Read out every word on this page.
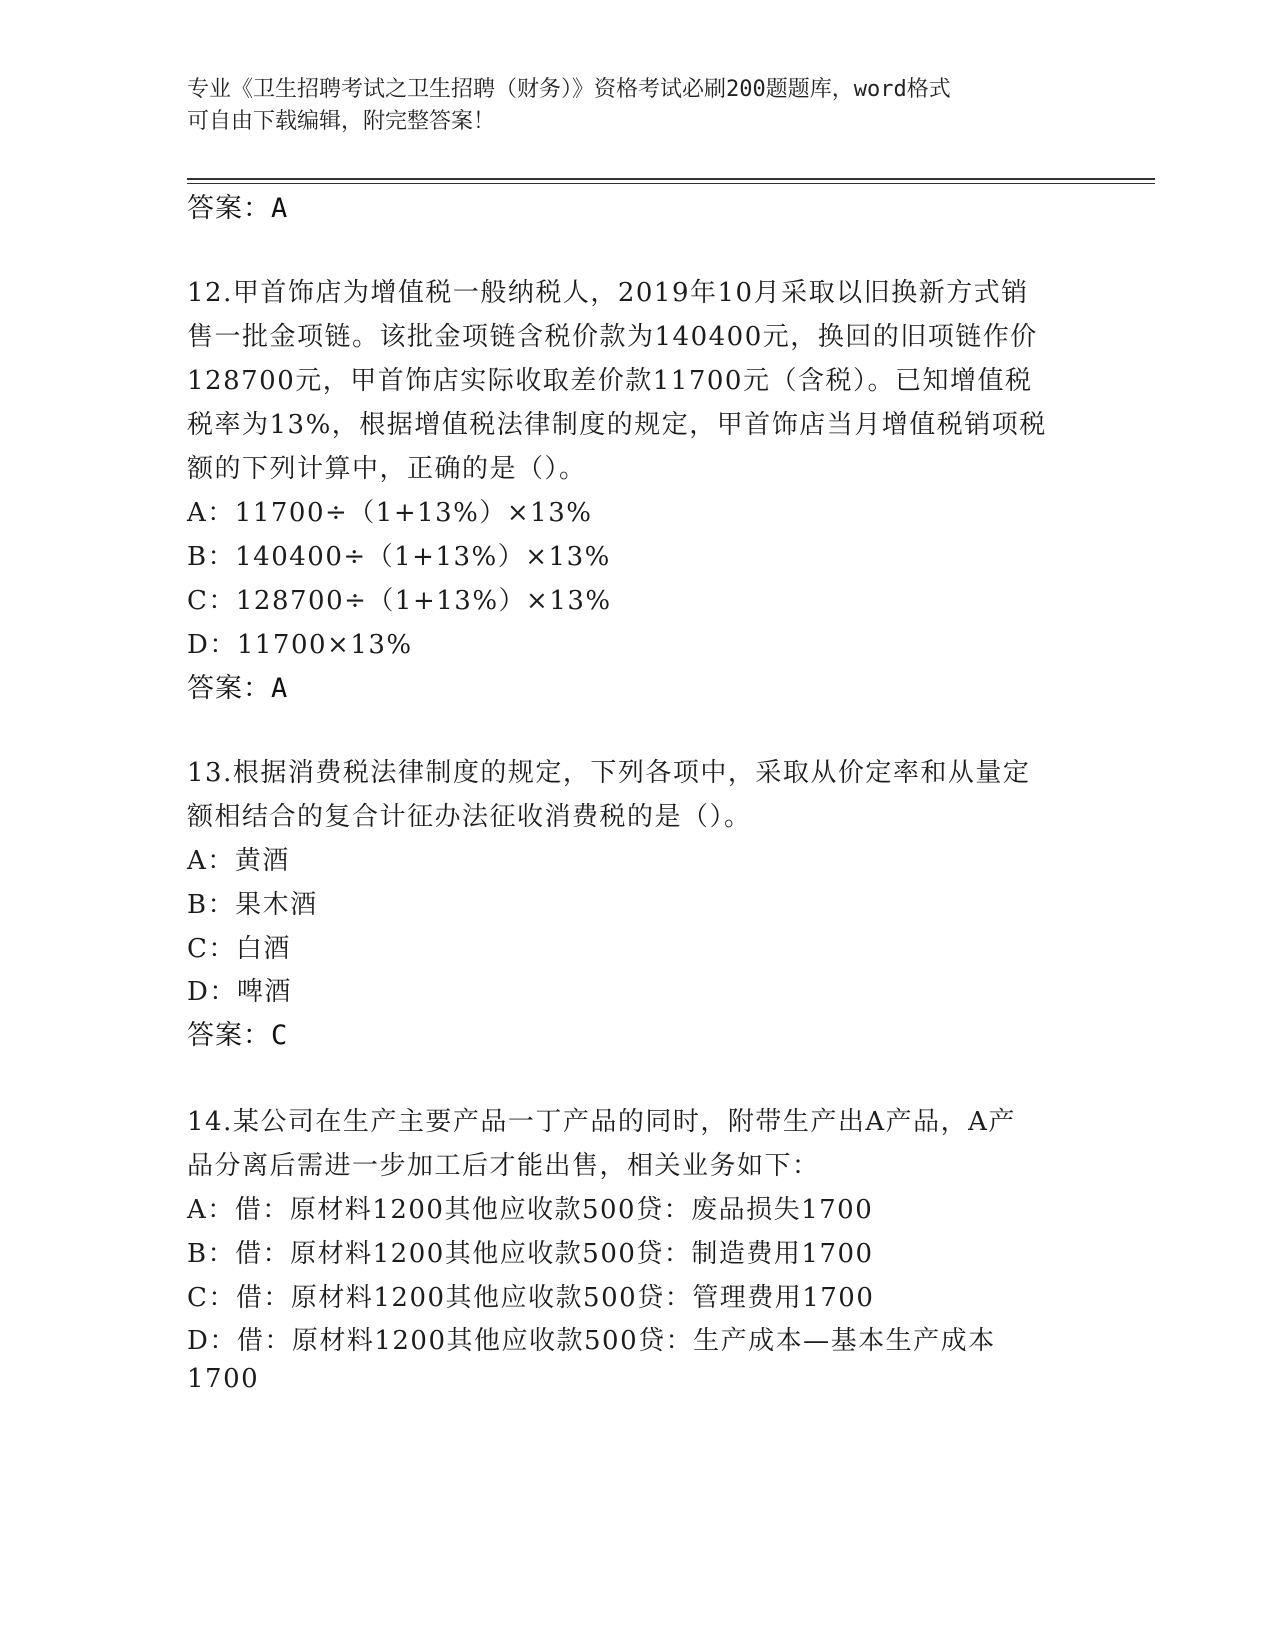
专业《卫生招聘考试之卫生招聘（财务）》资格考试必刷200题题库，word格式
可自由下载编辑，附完整答案！
答案：A
12.甲首饰店为增值税一般纳税人，2019年10月采取以旧换新方式销
售一批金项链。该批金项链含税价款为140400元，换回的旧项链作价
128700元，甲首饰店实际收取差价款11700元（含税）。已知增值税
税率为13%，根据增值税法律制度的规定，甲首饰店当月增值税销项税
额的下列计算中，正确的是（）。
A：11700÷（1+13%）×13%
B：140400÷（1+13%）×13%
C：128700÷（1+13%）×13%
D：11700×13%
答案：A
13.根据消费税法律制度的规定，下列各项中，采取从价定率和从量定
额相结合的复合计征办法征收消费税的是（）。
A：黄酒
B：果木酒
C：白酒
D：啤酒
答案：C
14.某公司在生产主要产品一丁产品的同时，附带生产出A产品，A产
品分离后需进一步加工后才能出售，相关业务如下：
A：借：原材料1200其他应收款500贷：废品损失1700
B：借：原材料1200其他应收款500贷：制造费用1700
C：借：原材料1200其他应收款500贷：管理费用1700
D：借：原材料1200其他应收款500贷：生产成本—基本生产成本
1700
